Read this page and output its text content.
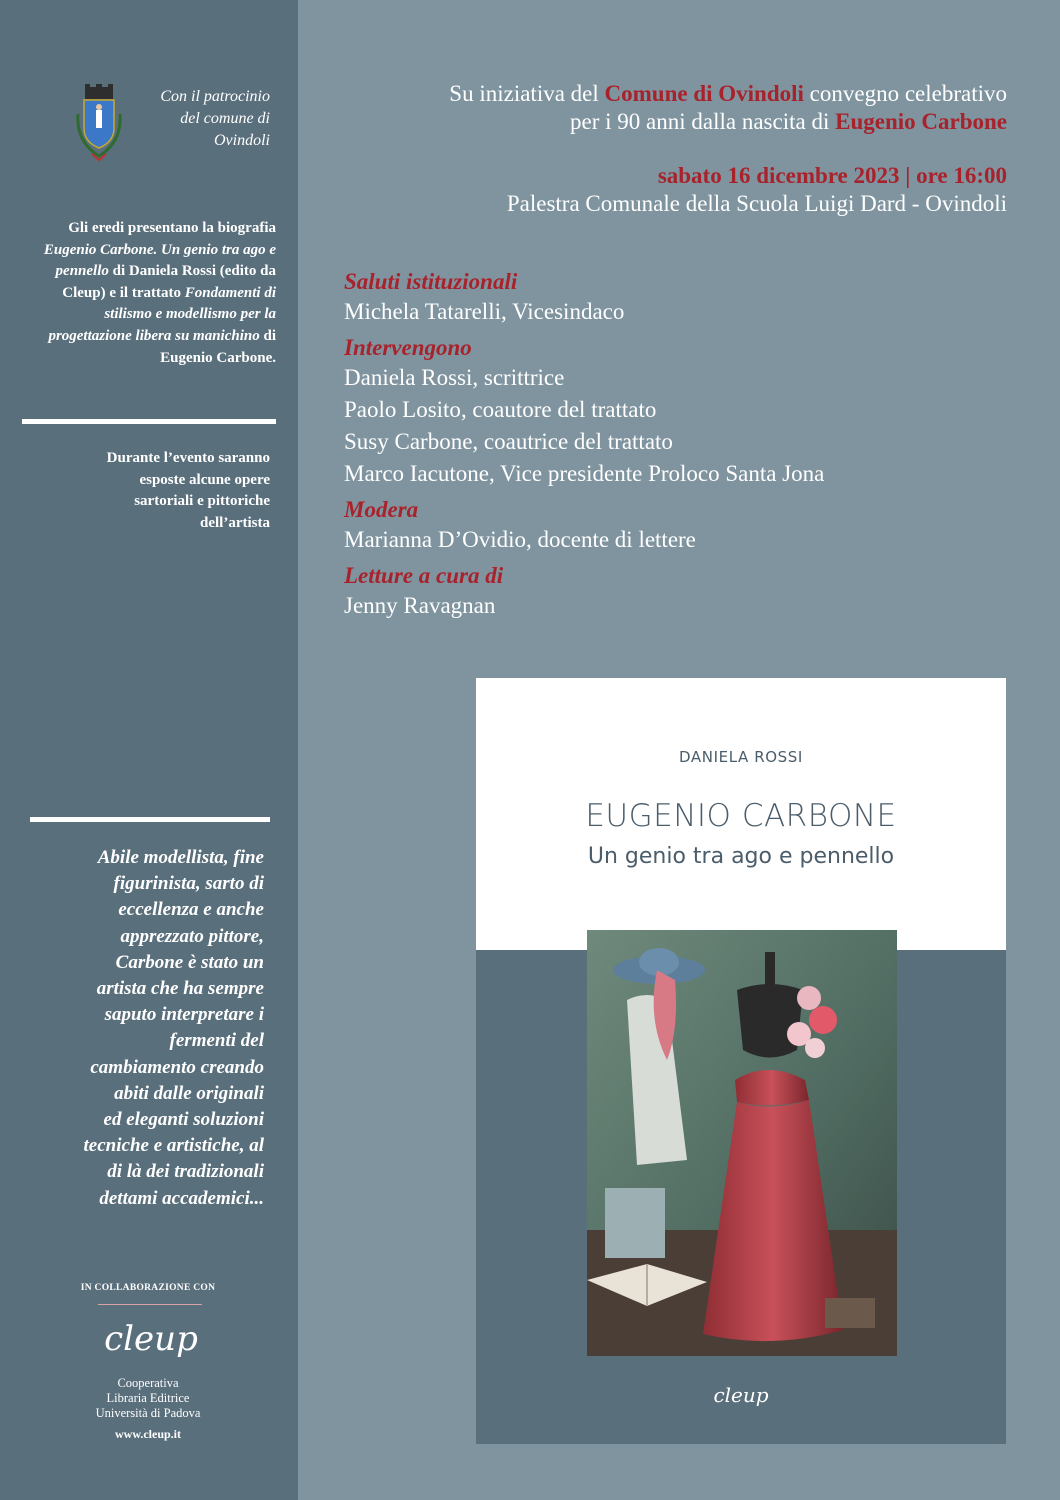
Con il patrocinio
del comune di
Ovindoli
Gli eredi presentano la biografia Eugenio Carbone. Un genio tra ago e pennello di Daniela Rossi (edito da Cleup) e il trattato Fondamenti di stilismo e modellismo per la progettazione libera su manichino di Eugenio Carbone.
Durante l’evento saranno
esposte alcune opere
sartoriali e pittoriche
dell’artista
Abile modellista, fine
figurinista, sarto di
eccellenza e anche
apprezzato pittore,
Carbone è stato un
artista che ha sempre
saputo interpretare i
fermenti del
cambiamento creando
abiti dalle originali
ed eleganti soluzioni
tecniche e artistiche, al
di là dei tradizionali
dettami accademici...
IN COLLABORAZIONE CON
cleup
Cooperativa
Libraria Editrice
Università di Padova
www.cleup.it
Su iniziativa del Comune di Ovindoli convegno celebrativo
per i 90 anni dalla nascita di Eugenio Carbone
sabato 16 dicembre 2023 | ore 16:00
Palestra Comunale della Scuola Luigi Dard - Ovindoli
Saluti istituzionali
Michela Tatarelli, Vicesindaco
Intervengono
Daniela Rossi, scrittrice
Paolo Losito, coautore del trattato
Susy Carbone, coautrice del trattato
Marco Iacutone, Vice presidente Proloco Santa Jona
Modera
Marianna D’Ovidio, docente di lettere
Letture a cura di
Jenny Ravagnan
DANIELA ROSSI
EUGENIO CARBONE
Un genio tra ago e pennello
cleup
